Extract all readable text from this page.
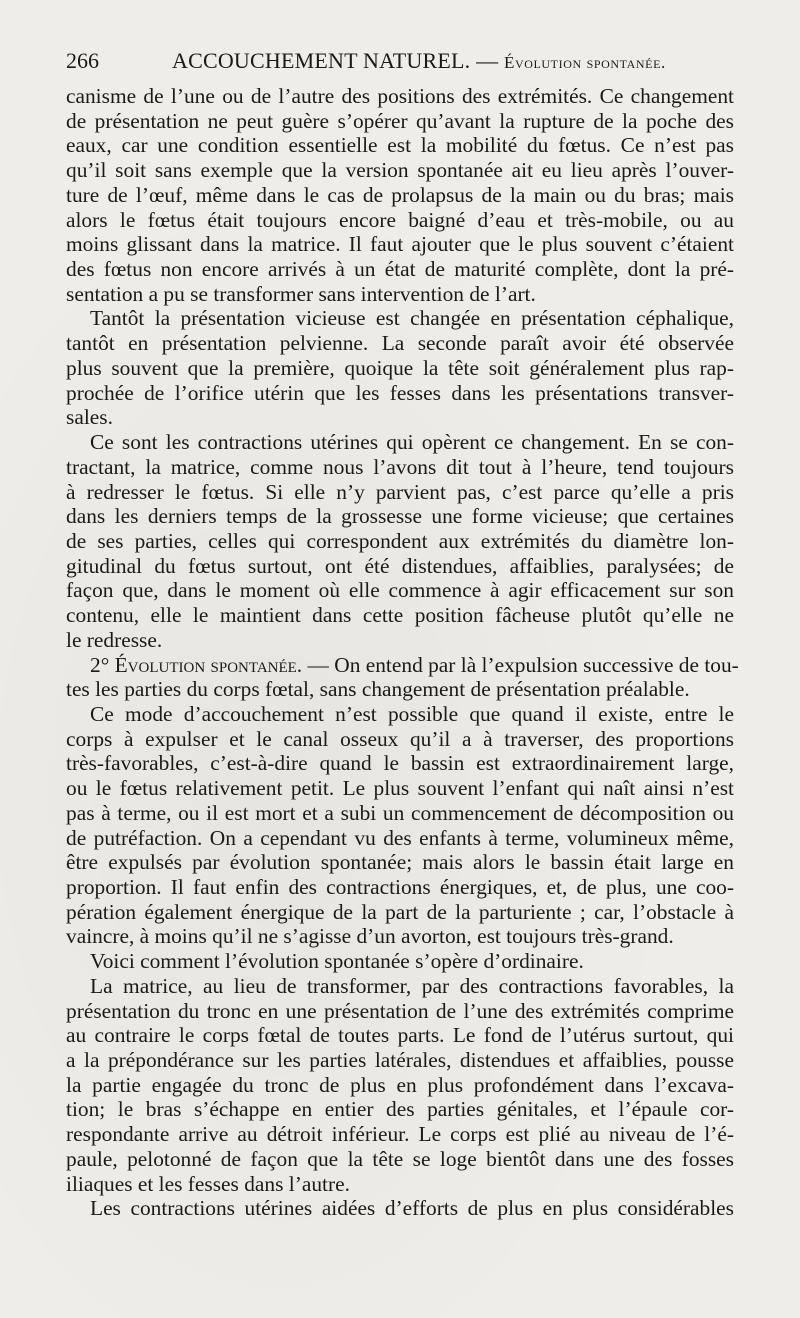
266	ACCOUCHEMENT NATUREL. — Évolution spontanée.
canisme de l’une ou de l’autre des positions des extrémités. Ce changement
de présentation ne peut guère s’opérer qu’avant la rupture de la poche des
eaux, car une condition essentielle est la mobilité du fœtus. Ce n’est pas
qu’il soit sans exemple que la version spontanée ait eu lieu après l’ouver-
ture de l’œuf, même dans le cas de prolapsus de la main ou du bras; mais
alors le fœtus était toujours encore baigné d’eau et très-mobile, ou au
moins glissant dans la matrice. Il faut ajouter que le plus souvent c’étaient
des fœtus non encore arrivés à un état de maturité complète, dont la pré-
sentation a pu se transformer sans intervention de l’art.
Tantôt la présentation vicieuse est changée en présentation céphalique,
tantôt en présentation pelvienne. La seconde paraît avoir été observée
plus souvent que la première, quoique la tête soit généralement plus rap-
prochée de l’orifice utérin que les fesses dans les présentations transver-
sales.
Ce sont les contractions utérines qui opèrent ce changement. En se con-
tractant, la matrice, comme nous l’avons dit tout à l’heure, tend toujours
à redresser le fœtus. Si elle n’y parvient pas, c’est parce qu’elle a pris
dans les derniers temps de la grossesse une forme vicieuse; que certaines
de ses parties, celles qui correspondent aux extrémités du diamètre lon-
gitudinal du fœtus surtout, ont été distendues, affaiblies, paralysées; de
façon que, dans le moment où elle commence à agir efficacement sur son
contenu, elle le maintient dans cette position fâcheuse plutôt qu’elle ne
le redresse.
2° Évolution spontanée. — On entend par là l’expulsion successive de tou-
tes les parties du corps fœtal, sans changement de présentation préalable.
Ce mode d’accouchement n’est possible que quand il existe, entre le
corps à expulser et le canal osseux qu’il a à traverser, des proportions
très-favorables, c’est-à-dire quand le bassin est extraordinairement large,
ou le fœtus relativement petit. Le plus souvent l’enfant qui naît ainsi n’est
pas à terme, ou il est mort et a subi un commencement de décomposition ou
de putréfaction. On a cependant vu des enfants à terme, volumineux même,
être expulsés par évolution spontanée; mais alors le bassin était large en
proportion. Il faut enfin des contractions énergiques, et, de plus, une coo-
pération également énergique de la part de la parturiente ; car, l’obstacle à
vaincre, à moins qu’il ne s’agisse d’un avorton, est toujours très-grand.
Voici comment l’évolution spontanée s’opère d’ordinaire.
La matrice, au lieu de transformer, par des contractions favorables, la
présentation du tronc en une présentation de l’une des extrémités comprime
au contraire le corps fœtal de toutes parts. Le fond de l’utérus surtout, qui
a la prépondérance sur les parties latérales, distendues et affaiblies, pousse
la partie engagée du tronc de plus en plus profondément dans l’excava-
tion; le bras s’échappe en entier des parties génitales, et l’épaule cor-
respondante arrive au détroit inférieur. Le corps est plié au niveau de l’é-
paule, pelotonné de façon que la tête se loge bientôt dans une des fosses
iliaques et les fesses dans l’autre.
Les contractions utérines aidées d’efforts de plus en plus considérables
